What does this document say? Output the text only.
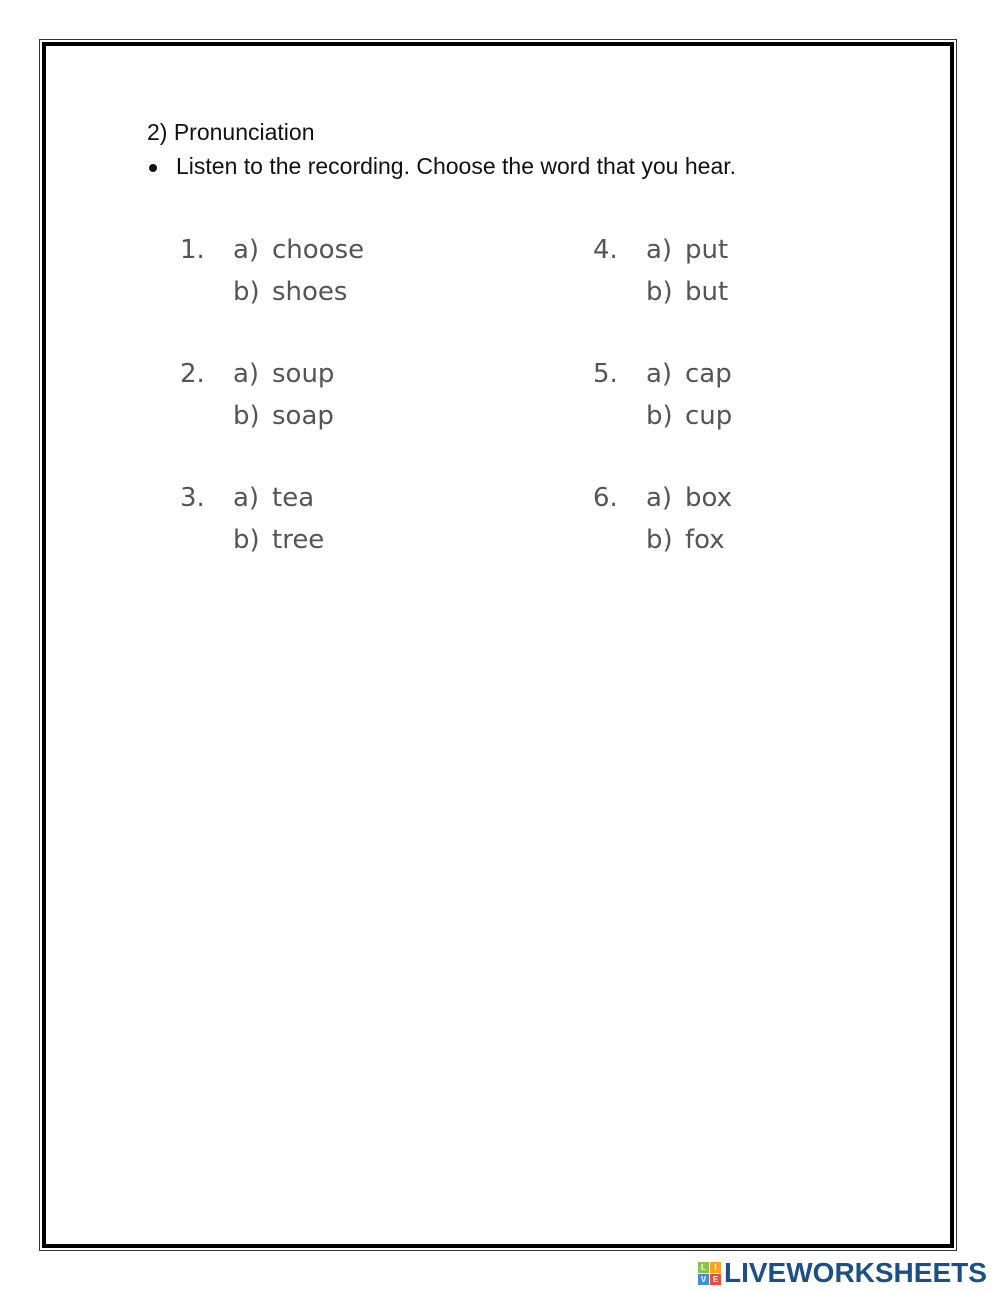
2) Pronunciation
Listen to the recording. Choose the word that you hear.
1. a) choose
b) shoes
2. a) soup
b) soap
3. a) tea
b) tree
4. a) put
b) but
5. a) cap
b) cup
6. a) box
b) fox
L	I
V E LIVEWORKSHEETS
